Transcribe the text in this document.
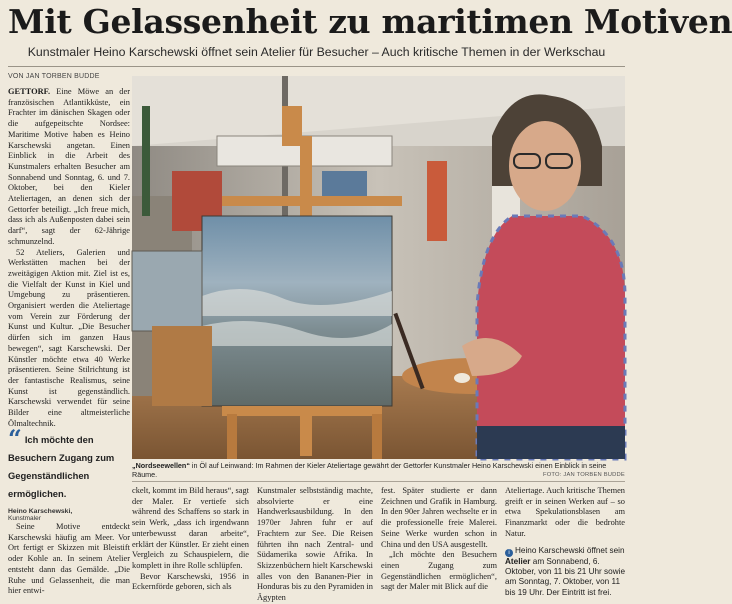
Mit Gelassenheit zu maritimen Motiven
Kunstmaler Heino Karschewski öffnet sein Atelier für Besucher – Auch kritische Themen in der Werkschau
VON JAN TORBEN BUDDE

GETTORF. Eine Möwe an der französischen Atlantikküste, ein Frachter im dänischen Skagen oder die aufgepeitschte Nordsee: Maritime Motive haben es Heino Karschewski angetan. Einen Einblick in die Arbeit des Kunstmalers erhalten Besucher am Sonnabend und Sonntag, 6. und 7. Oktober, bei den Kieler Ateliertagen, an denen sich der Gettorfer beteiligt. „Ich freue mich, dass ich als Außenposten dabei sein darf“, sagt der 62-Jährige schmunzelnd.

52 Ateliers, Galerien und Werkstätten machen bei der zweitägigen Aktion mit. Ziel ist es, die Vielfalt der Kunst in Kiel und Umgebung zu präsentieren. Organisiert werden die Ateliertage vom Verein zur Förderung der Kunst und Kultur. „Die Besucher dürfen sich im ganzen Haus bewegen“, sagt Karschewski. Der Künstler möchte etwa 40 Werke präsentieren. Seine Stilrichtung ist der fantastische Realismus, seine Kunst ist gegenständlich. Karschewski verwendet für seine Bilder eine altmeisterliche Ölmaltechnik.

“ Ich möchte den Besuchern Zugang zum Gegenständlichen ermöglichen.
Heino Karschewski,
Kunstmaler
„Nordseewellen“ in Öl auf Leinwand: Im Rahmen der Kieler Ateliertage gewährt der Gettorfer Kunstmaler Heino Karschewski einen Einblick in seine Räume.	FOTO: JAN TORBEN BUDDE

Seine Motive entdeckt Karschewski häufig am Meer. Vor Ort fertigt er Skizzen mit Bleistift oder Kohle an. In seinem Atelier entsteht dann das Gemälde. „Die Ruhe und Gelassenheit, die man hier entwi-

ckelt, kommt im Bild heraus“, sagt der Maler. Er vertiefe sich während des Schaffens so stark in sein Werk, „dass ich irgendwann unterbewusst daran arbeite“, erklärt der Künstler. Er zieht einen Vergleich zu Schauspielern, die komplett in ihre Rolle schlüpfen.

Bevor Karschewski, 1956 in Eckernförde geboren, sich als

Kunstmaler selbstständig machte, absolvierte er eine Handwerksausbildung. In den 1970er Jahren fuhr er auf Frachtern zur See. Die Reisen führten ihn nach Zentral- und Südamerika sowie Afrika. In Skizzenbüchern hielt Karschewski alles von den Bananen-Pier in Honduras bis zu den Pyramiden in Ägypten

fest. Später studierte er dann Zeichnen und Grafik in Hamburg. In den 90er Jahren wechselte er in die professionelle freie Malerei. Seine Werke wurden schon in China und den USA ausgestellt.

„Ich möchte den Besuchern einen Zugang zum Gegenständlichen ermöglichen“, sagt der Maler mit Blick auf die

Ateliertage. Auch kritische Themen greift er in seinen Werken auf – so etwa Spekulationsblasen am Finanzmarkt oder die bedrohte Natur.

i Heino Karschewski öffnet sein Atelier am Sonnabend, 6. Oktober, von 11 bis 21 Uhr sowie am Sonntag, 7. Oktober, von 11 bis 19 Uhr. Der Eintritt ist frei.
